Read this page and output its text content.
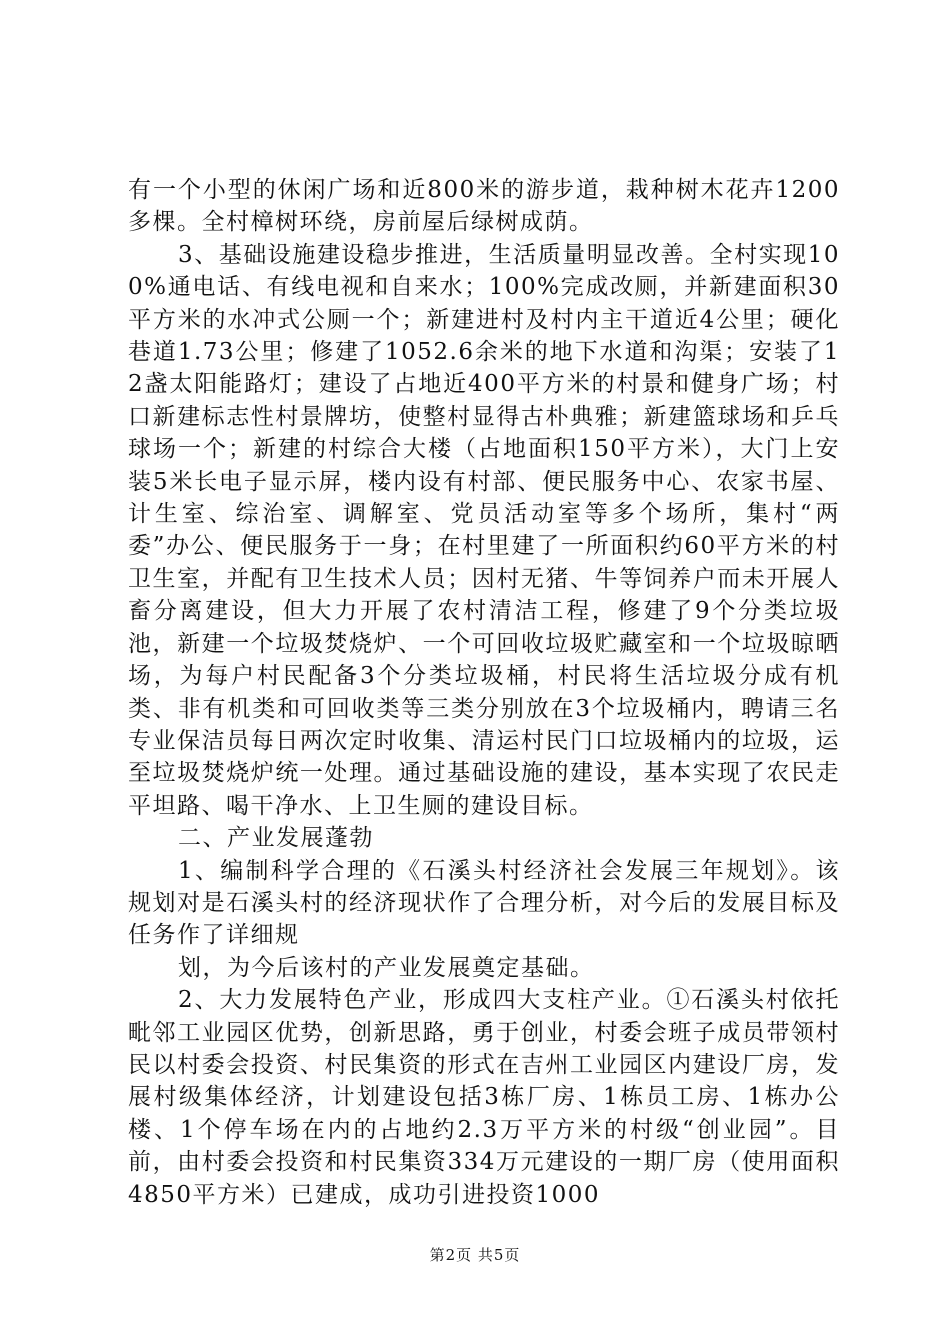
有一个小型的休闲广场和近800米的游步道，栽种树木花卉1200多棵。全村樟树环绕，房前屋后绿树成荫。

3、基础设施建设稳步推进，生活质量明显改善。全村实现100%通电话、有线电视和自来水；100%完成改厕，并新建面积30平方米的水冲式公厕一个；新建进村及村内主干道近4公里；硬化巷道1.73公里；修建了1052.6余米的地下水道和沟渠；安装了12盏太阳能路灯；建设了占地近400平方米的村景和健身广场；村口新建标志性村景牌坊，使整村显得古朴典雅；新建篮球场和乒乓球场一个；新建的村综合大楼（占地面积150平方米），大门上安装5米长电子显示屏，楼内设有村部、便民服务中心、农家书屋、计生室、综治室、调解室、党员活动室等多个场所，集村“两委”办公、便民服务于一身；在村里建了一所面积约60平方米的村卫生室，并配有卫生技术人员；因村无猪、牛等饲养户而未开展人畜分离建设，但大力开展了农村清洁工程，修建了9个分类垃圾池，新建一个垃圾焚烧炉、一个可回收垃圾贮藏室和一个垃圾晾晒场，为每户村民配备3个分类垃圾桶，村民将生活垃圾分成有机类、非有机类和可回收类等三类分别放在3个垃圾桶内，聘请三名专业保洁员每日两次定时收集、清运村民门口垃圾桶内的垃圾，运至垃圾焚烧炉统一处理。通过基础设施的建设，基本实现了农民走平坦路、喝干净水、上卫生厕的建设目标。

二、产业发展蓬勃

1、编制科学合理的《石溪头村经济社会发展三年规划》。该规划对是石溪头村的经济现状作了合理分析，对今后的发展目标及任务作了详细规

划，为今后该村的产业发展奠定基础。

2、大力发展特色产业，形成四大支柱产业。①石溪头村依托毗邻工业园区优势，创新思路，勇于创业，村委会班子成员带领村民以村委会投资、村民集资的形式在吉州工业园区内建设厂房，发展村级集体经济，计划建设包括3栋厂房、1栋员工房、1栋办公楼、1个停车场在内的占地约2.3万平方米的村级“创业园”。目前，由村委会投资和村民集资334万元建设的一期厂房（使用面积4850平方米）已建成，成功引进投资1000

第2页 共5页
